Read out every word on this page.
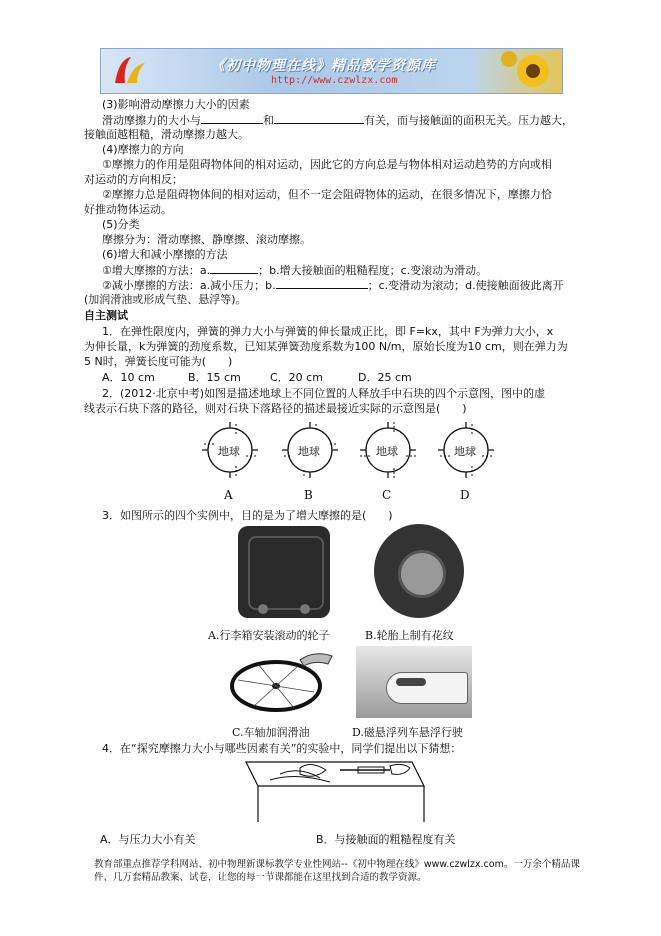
《初中物理在线》精品教学资源库
http://www.czwlzx.com
(3)影响滑动摩擦力大小的因素
滑动摩擦力的大小与	和	有关，而与接触面的面积无关。压力越大，
接触面越粗糙，滑动摩擦力越大。
(4)摩擦力的方向
①摩擦力的作用是阻碍物体间的相对运动，因此它的方向总是与物体相对运动趋势的方向或相
对运动的方向相反；
②摩擦力总是阻碍物体间的相对运动，但不一定会阻碍物体的运动，在很多情况下，摩擦力恰
好推动物体运动。
(5)分类
摩擦分为：滑动摩擦、静摩擦、滚动摩擦。
(6)增大和减小摩擦的方法
①增大摩擦的方法：a.	；b.增大接触面的粗糙程度；c.变滚动为滑动。
②减小摩擦的方法：a.减小压力；b.	；c.变滑动为滚动；d.使接触面彼此离开
(加润滑油或形成气垫、悬浮等)。
自主测试
1．在弹性限度内，弹簧的弹力大小与弹簧的伸长量成正比，即 F=kx，其中 F为弹力大小，x
为伸长量，k为弹簧的劲度系数，已知某弹簧劲度系数为100 N/m，原始长度为10 cm，则在弹力为
5 N时，弹簧长度可能为(　　)
A．10 cm	B．15 cm	C．20 cm	D．25 cm
2．(2012·北京中考)如图是描述地球上不同位置的人释放手中石块的四个示意图，图中的虚
线表示石块下落的路径，则对石块下落路径的描述最接近实际的示意图是(　　)
地球	地球	地球	地球
A	B	C	D
3．如图所示的四个实例中，目的是为了增大摩擦的是(　　)
A.行李箱安装滚动的轮子	B.轮胎上制有花纹
C.车轴加润滑油	D.磁悬浮列车悬浮行驶
4．在“探究摩擦力大小与哪些因素有关”的实验中，同学们提出以下猜想：
A．与压力大小有关	B．与接触面的粗糙程度有关
教育部重点推荐学科网站、初中物理新课标教学专业性网站--《初中物理在线》www.czwlzx.com。一万余个精品课
件、几万套精品教案、试卷，让您的每一节课都能在这里找到合适的教学资源。
